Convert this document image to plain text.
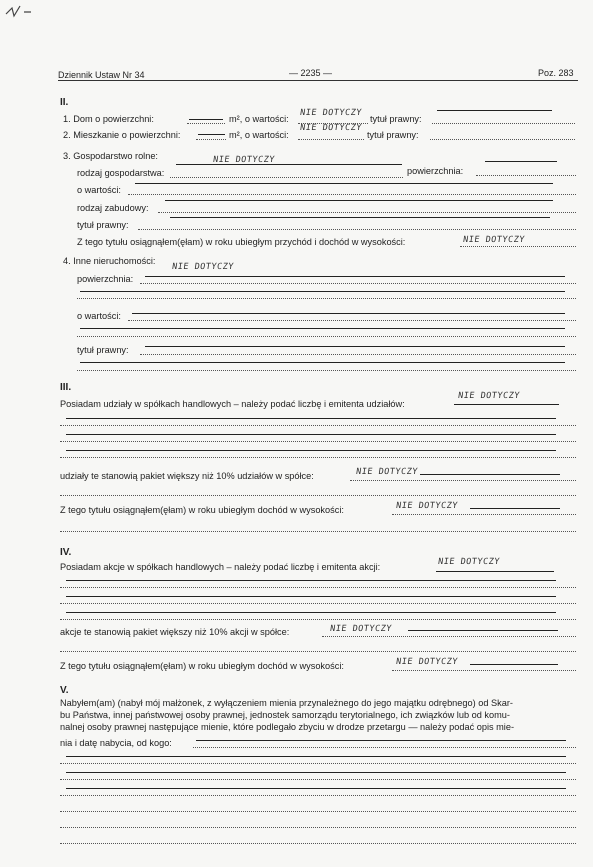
Dziennik Ustaw Nr 34	— 2235 —	Poz. 283
II.
1. Dom o powierzchni:	m², o wartości:
NIE DOTYCZY
tytuł prawny:
2. Mieszkanie o powierzchni:	m², o wartości:
NIE DOTYCZY
tytuł prawny:
3. Gospodarstwo rolne:	NIE DOTYCZY
rodzaj gospodarstwa:	powierzchnia:
o wartości:
rodzaj zabudowy:
tytuł prawny:
Z tego tytułu osiągnąłem(ęłam) w roku ubiegłym przychód i dochód w wysokości:	NIE DOTYCZY
4. Inne nieruchomości:
powierzchnia:
NIE DOTYCZY
o wartości:
tytuł prawny:
III.
Posiadam udziały w spółkach handlowych – należy podać liczbę i emitenta udziałów:
NIE DOTYCZY
udziały te stanowią pakiet większy niż 10% udziałów w spółce:	NIE DOTYCZY
Z tego tytułu osiągnąłem(ęłam) w roku ubiegłym dochód w wysokości:	NIE DOTYCZY
IV.
Posiadam akcje w spółkach handlowych – należy podać liczbę i emitenta akcji:	NIE DOTYCZY
akcje te stanowią pakiet większy niż 10% akcji w spółce:	NIE DOTYCZY
Z tego tytułu osiągnąłem(ęłam) w roku ubiegłym dochód w wysokości:	NIE DOTYCZY
V.
Nabyłem(am) (nabył mój małżonek, z wyłączeniem mienia przynależnego do jego majątku odrębnego) od Skar-
bu Państwa, innej państwowej osoby prawnej, jednostek samorządu terytorialnego, ich związków lub od komu-
nalnej osoby prawnej następujące mienie, które podlegało zbyciu w drodze przetargu — należy podać opis mie-
nia i datę nabycia, od kogo:
